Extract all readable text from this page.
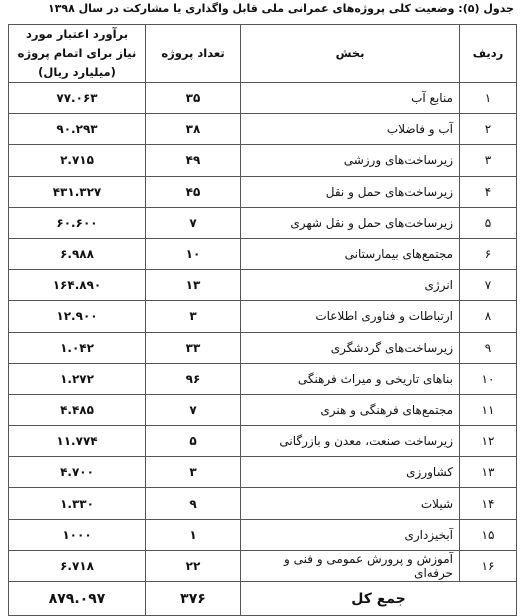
جدول (۵): وضعیت کلی پروژه‌های عمرانی ملی قابل واگذاری یا مشارکت در سال ۱۳۹۸
ردیف	بخش	تعداد پروژه	برآورد اعتبار مورد نیاز برای اتمام پروژه (میلیارد ریال)
۱	منابع آب	۳۵	۷۷.۰۶۳
۲	آب و فاضلاب	۳۸	۹۰.۲۹۳
۳	زیرساخت‌های ورزشی	۴۹	۲.۷۱۵
۴	زیرساخت‌های حمل و نقل	۴۵	۴۳۱.۳۲۷
۵	زیرساخت‌های حمل و نقل شهری	۷	۶۰.۶۰۰
۶	مجتمع‌های بیمارستانی	۱۰	۶.۹۸۸
۷	انرژی	۱۳	۱۶۴.۸۹۰
۸	ارتباطات و فناوری اطلاعات	۳	۱۲.۹۰۰
۹	زیرساخت‌های گردشگری	۳۳	۱.۰۴۲
۱۰	بناهای تاریخی و میراث فرهنگی	۹۶	۱.۲۷۲
۱۱	مجتمع‌های فرهنگی و هنری	۷	۴.۴۸۵
۱۲	زیرساخت صنعت، معدن و بازرگانی	۵	۱۱.۷۷۴
۱۳	کشاورزی	۳	۴.۷۰۰
۱۴	شیلات	۹	۱.۳۳۰
۱۵	آبخیزداری	۱	۱۰۰۰
۱۶	آموزش و پرورش عمومی و فنی و حرفه‌ای	۲۲	۶.۷۱۸
جمع کل		۳۷۶	۸۷۹.۰۹۷
